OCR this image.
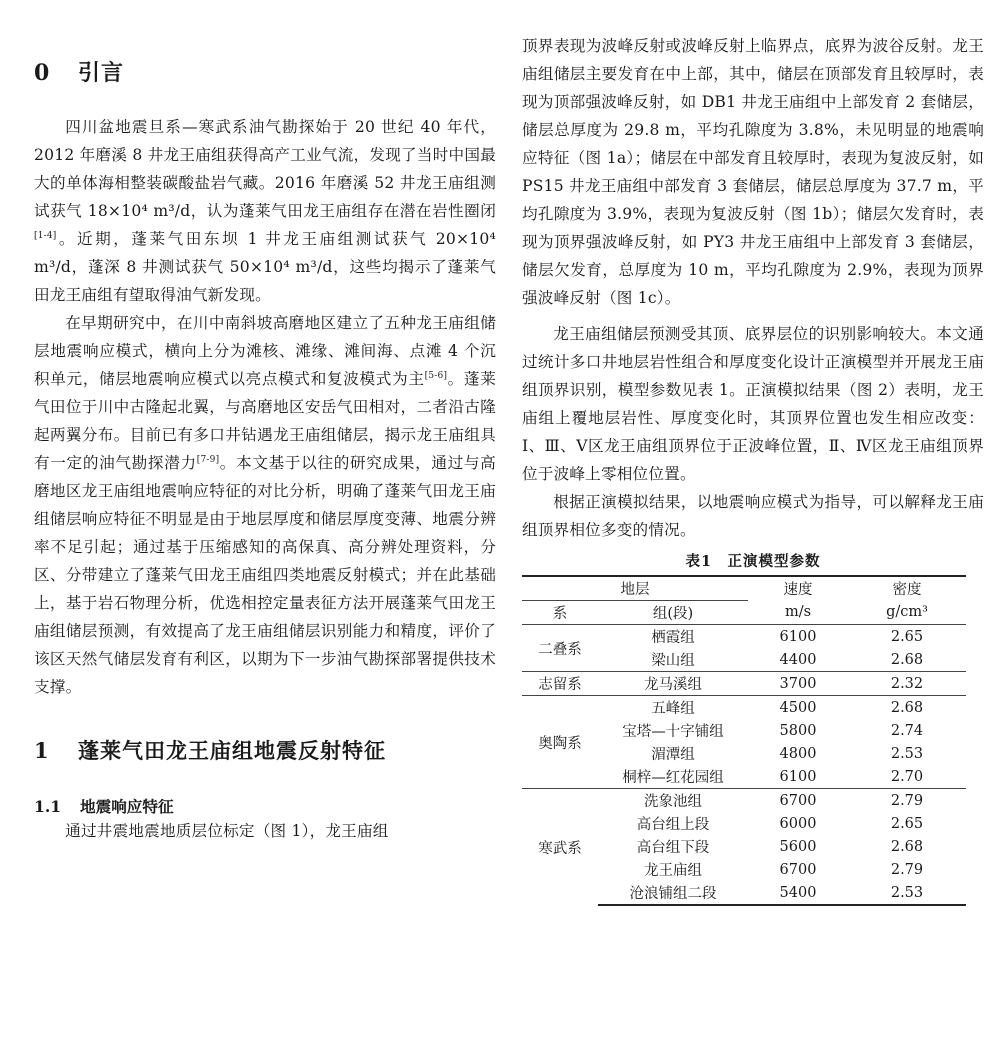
0 引言

四川盆地震旦系—寒武系油气勘探始于 20 世纪 40 年代，2012 年磨溪 8 井龙王庙组获得高产工业气流，发现了当时中国最大的单体海相整装碳酸盐岩气藏。2016 年磨溪 52 井龙王庙组测试获气 18×10⁴ m³/d，认为蓬莱气田龙王庙组存在潜在岩性圈闭[1-4]。近期，蓬莱气田东坝 1 井龙王庙组测试获气 20×10⁴ m³/d，蓬深 8 井测试获气 50×10⁴ m³/d，这些均揭示了蓬莱气田龙王庙组有望取得油气新发现。

在早期研究中，在川中南斜坡高磨地区建立了五种龙王庙组储层地震响应模式，横向上分为滩核、滩缘、滩间海、点滩 4 个沉积单元，储层地震响应模式以亮点模式和复波模式为主[5-6]。蓬莱气田位于川中古隆起北翼，与高磨地区安岳气田相对，二者沿古隆起两翼分布。目前已有多口井钻遇龙王庙组储层，揭示龙王庙组具有一定的油气勘探潜力[7-9]。本文基于以往的研究成果，通过与高磨地区龙王庙组地震响应特征的对比分析，明确了蓬莱气田龙王庙组储层响应特征不明显是由于地层厚度和储层厚度变薄、地震分辨率不足引起；通过基于压缩感知的高保真、高分辨处理资料，分区、分带建立了蓬莱气田龙王庙组四类地震反射模式；并在此基础上，基于岩石物理分析，优选相控定量表征方法开展蓬莱气田龙王庙组储层预测，有效提高了龙王庙组储层识别能力和精度，评价了该区天然气储层发育有利区，以期为下一步油气勘探部署提供技术支撑。

1 蓬莱气田龙王庙组地震反射特征
1.1 地震响应特征

通过井震地震地质层位标定（图 1），龙王庙组

顶界表现为波峰反射或波峰反射上临界点，底界为波谷反射。龙王庙组储层主要发育在中上部，其中，储层在顶部发育且较厚时，表现为顶部强波峰反射，如 DB1 井龙王庙组中上部发育 2 套储层，储层总厚度为 29.8 m，平均孔隙度为 3.8%，未见明显的地震响应特征（图 1a）；储层在中部发育且较厚时，表现为复波反射，如 PS15 井龙王庙组中部发育 3 套储层，储层总厚度为 37.7 m，平均孔隙度为 3.9%，表现为复波反射（图 1b）；储层欠发育时，表现为顶界强波峰反射，如 PY3 井龙王庙组中上部发育 3 套储层，储层欠发育，总厚度为 10 m，平均孔隙度为 2.9%，表现为顶界强波峰反射（图 1c）。

龙王庙组储层预测受其顶、底界层位的识别影响较大。本文通过统计多口井地层岩性组合和厚度变化设计正演模型并开展龙王庙组顶界识别，模型参数见表 1。正演模拟结果（图 2）表明，龙王庙组上覆地层岩性、厚度变化时，其顶界位置也发生相应改变：Ⅰ、Ⅲ、Ⅴ区龙王庙组顶界位于正波峰位置，Ⅱ、Ⅳ区龙王庙组顶界位于波峰上零相位位置。

根据正演模拟结果，以地震响应模式为指导，可以解释龙王庙组顶界相位多变的情况。

表1　正演模型参数
地层		速度	密度
系	组(段)	m/s	g/cm³
二叠系	栖霞组	6100	2.65
	梁山组	4400	2.68
志留系	龙马溪组	3700	2.32
奥陶系	五峰组	4500	2.68
	宝塔—十字铺组	5800	2.74
	湄潭组	4800	2.53
	桐梓—红花园组	6100	2.70
寒武系	洗象池组	6700	2.79
	高台组上段	6000	2.65
	高台组下段	5600	2.68
	龙王庙组	6700	2.79
	沧浪铺组二段	5400	2.53
